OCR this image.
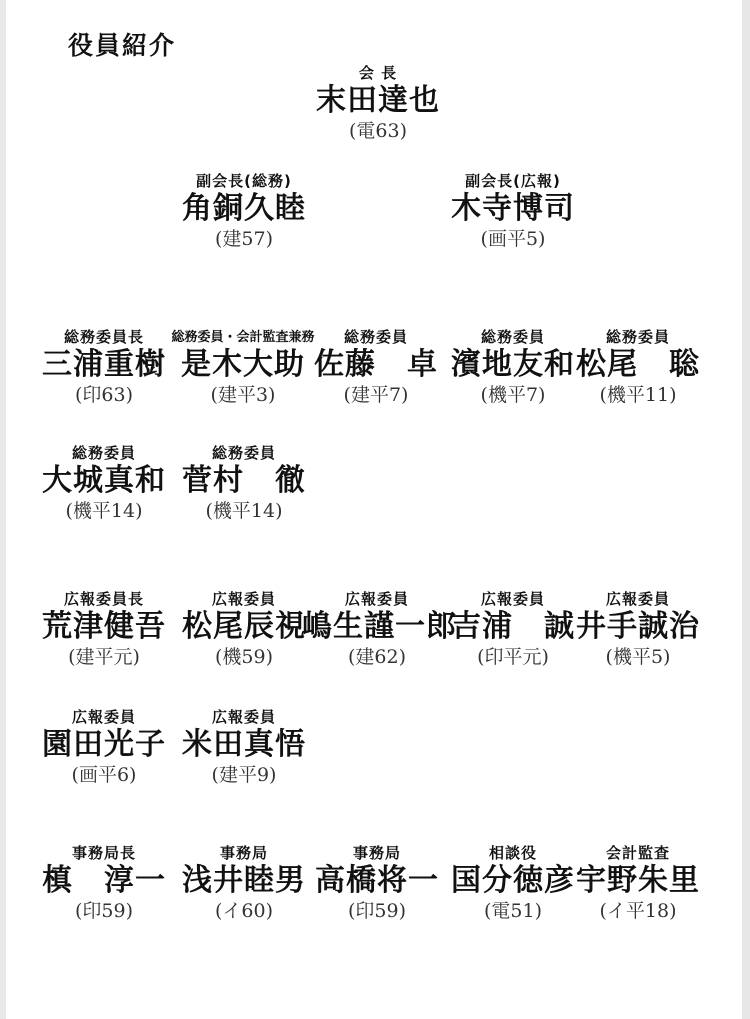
役員紹介
会 長
末田達也
(電63)
副会長(総務)
角銅久睦
(建57)
副会長(広報)
木寺博司
(画平5)
総務委員長
三浦重樹
(印63)
総務委員・会計監査兼務
是木大助
(建平3)
総務委員
佐藤　卓
(建平7)
総務委員
濱地友和
(機平7)
総務委員
松尾　聡
(機平11)
総務委員
大城真和
(機平14)
総務委員
菅村　徹
(機平14)
広報委員長
荒津健吾
(建平元)
広報委員
松尾辰視
(機59)
広報委員
嶋生謹一郎
(建62)
広報委員
吉浦　誠
(印平元)
広報委員
井手誠治
(機平5)
広報委員
園田光子
(画平6)
広報委員
米田真悟
(建平9)
事務局長
槙　淳一
(印59)
事務局
浅井睦男
(イ60)
事務局
高橋将一
(印59)
相談役
国分徳彦
(電51)
会計監査
宇野朱里
(イ平18)
